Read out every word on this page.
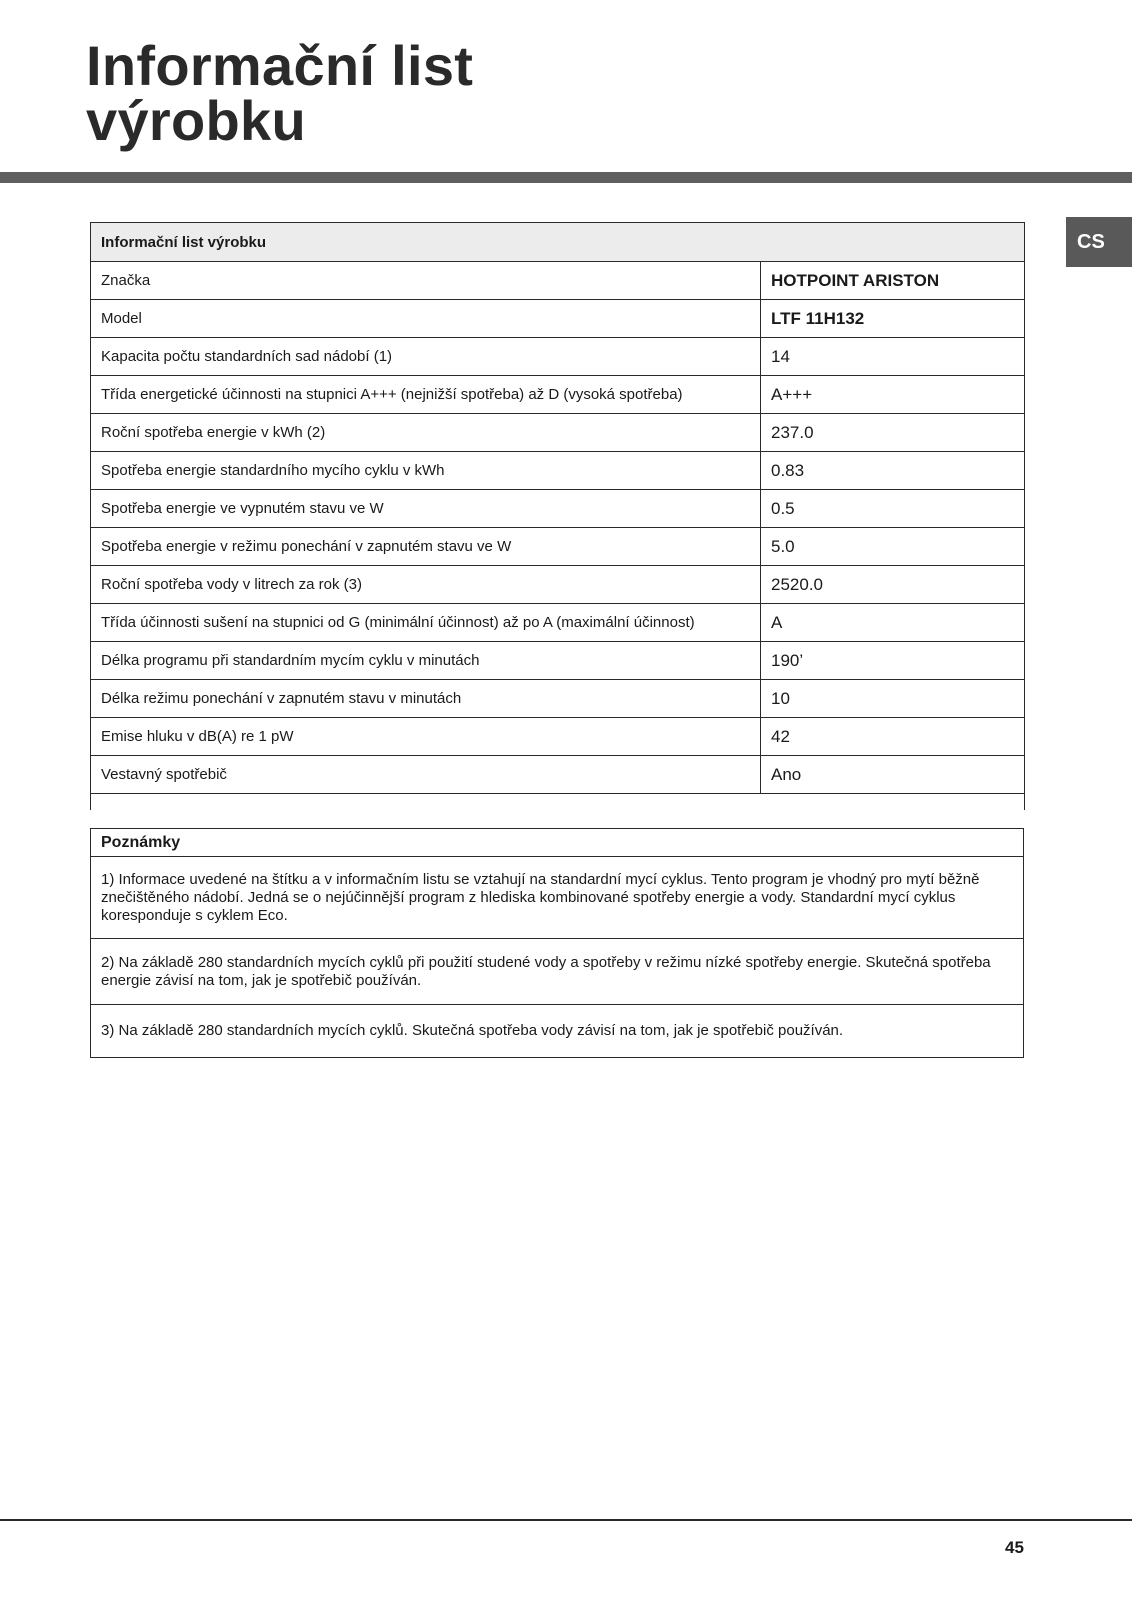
Informační list
výrobku
CS
Informační list výrobku	
Značka	HOTPOINT ARISTON
Model	LTF 11H132
Kapacita počtu standardních sad nádobí (1)	14
Třída energetické účinnosti na stupnici A+++ (nejnižší spotřeba) až D (vysoká spotřeba)	A+++
Roční spotřeba energie v kWh (2)	237.0
Spotřeba energie standardního mycího cyklu v kWh	0.83
Spotřeba energie ve vypnutém stavu ve W	0.5
Spotřeba energie v režimu ponechání v zapnutém stavu ve W	5.0
Roční spotřeba vody v litrech za rok (3)	2520.0
Třída účinnosti sušení na stupnici od G (minimální účinnost) až po A (maximální účinnost)	A
Délka programu při standardním mycím cyklu v minutách	190’
Délka režimu ponechání v zapnutém stavu v minutách	10
Emise hluku v dB(A) re 1 pW	42
Vestavný spotřebič	Ano

Poznámky
1) Informace uvedené na štítku a v informačním listu se vztahují na standardní mycí cyklus. Tento program je vhodný pro mytí běžně znečištěného nádobí. Jedná se o nejúčinnější program z hlediska kombinované spotřeby energie a vody. Standardní mycí cyklus koresponduje s cyklem Eco.
2) Na základě 280 standardních mycích cyklů při použití studené vody a spotřeby v režimu nízké spotřeby energie. Skutečná spotřeba energie závisí na tom, jak je spotřebič používán.
3) Na základě 280 standardních mycích cyklů. Skutečná spotřeba vody závisí na tom, jak je spotřebič používán.
45
